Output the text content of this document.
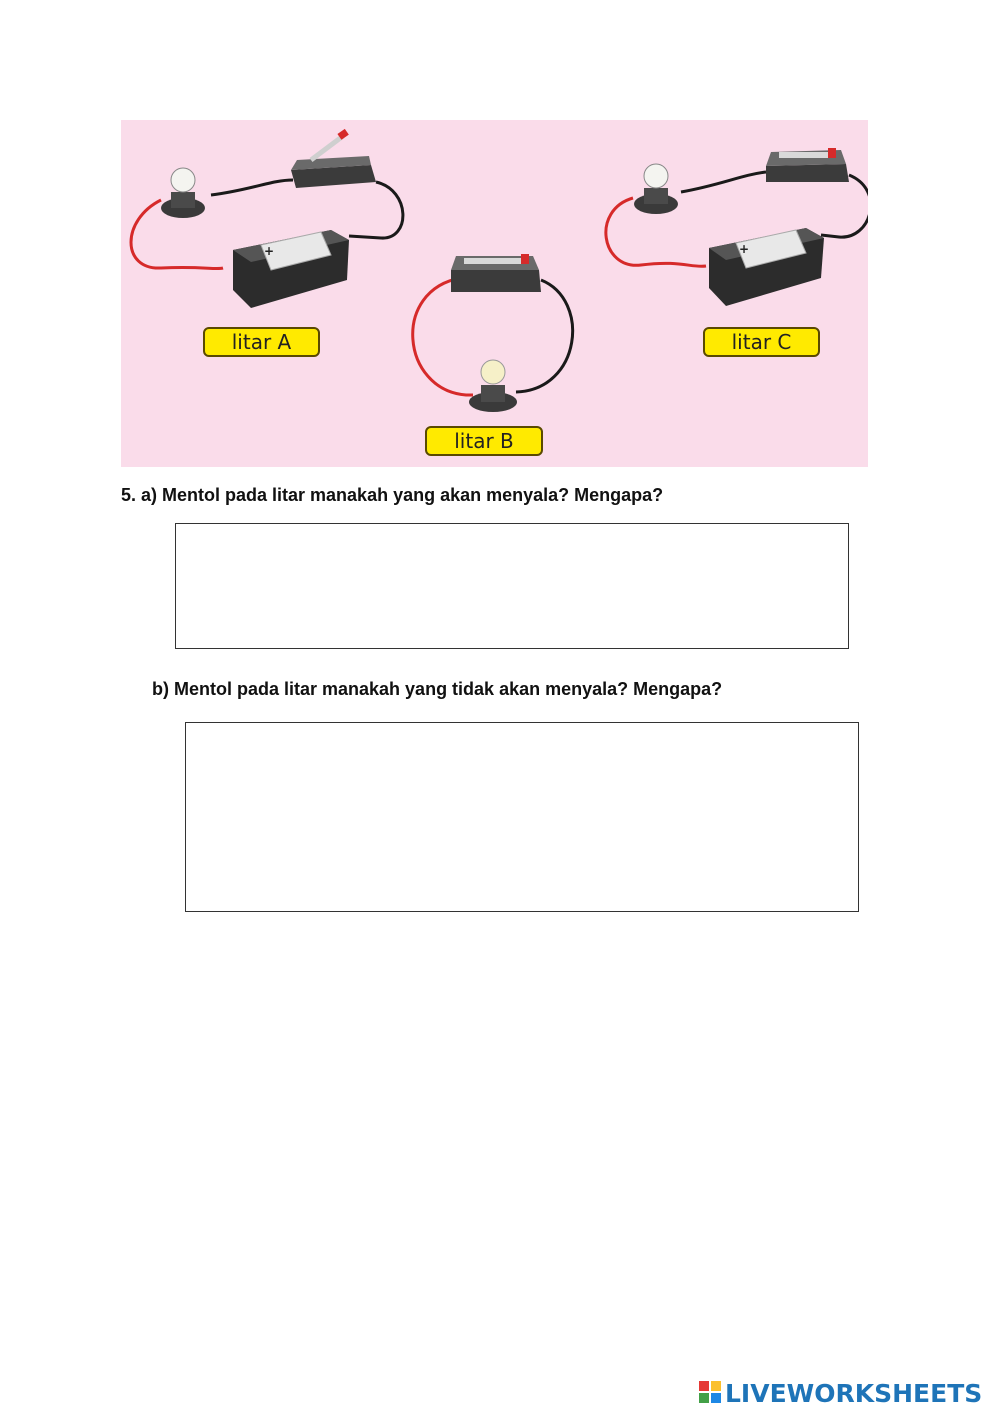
+	+
litar A
litar B
litar C
5. a) Mentol pada litar manakah yang akan menyala? Mengapa?
b) Mentol pada litar manakah yang tidak akan menyala? Mengapa?
LIVEWORKSHEETS
